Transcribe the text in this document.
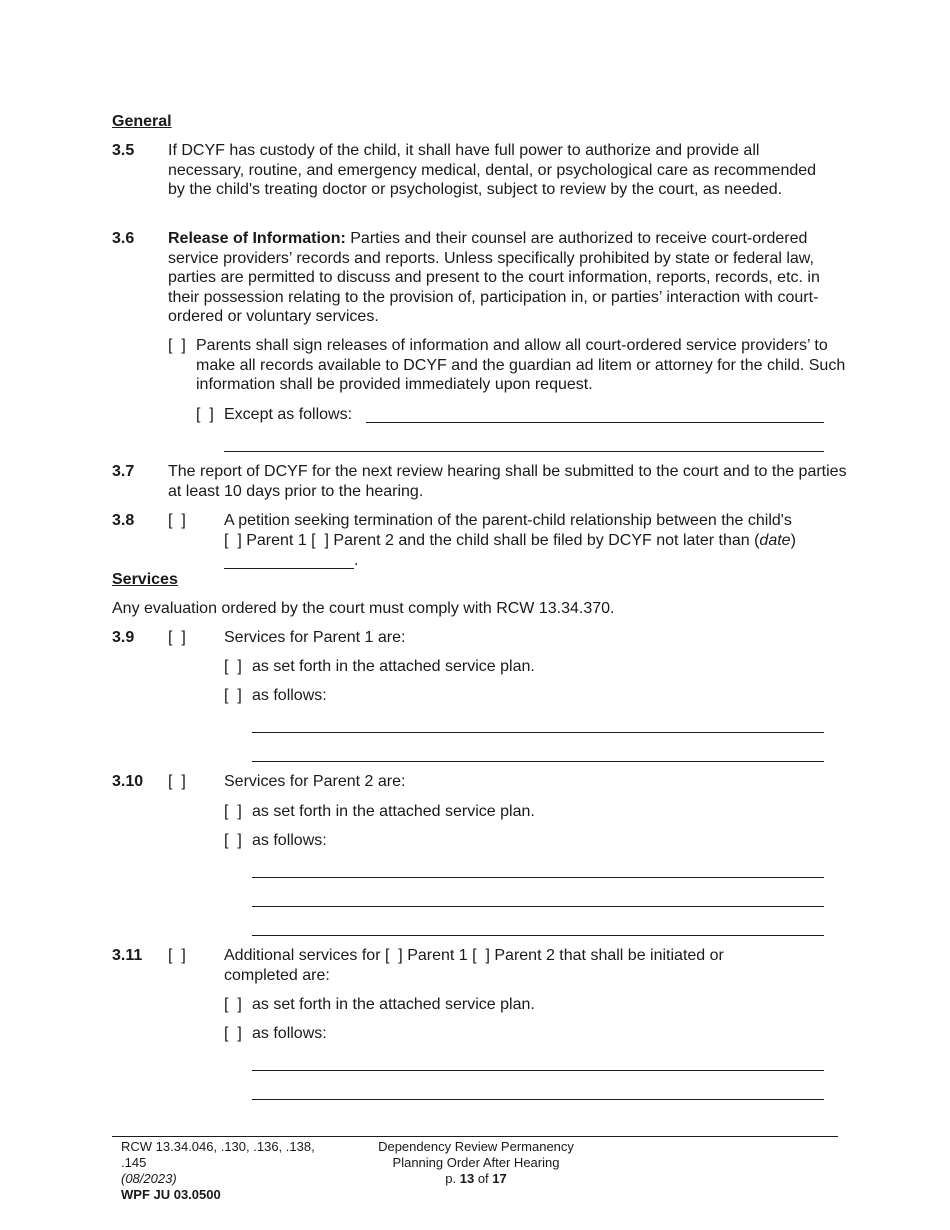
General
3.5 If DCYF has custody of the child, it shall have full power to authorize and provide all necessary, routine, and emergency medical, dental, or psychological care as recommended by the child's treating doctor or psychologist, subject to review by the court, as needed.
3.6 Release of Information: Parties and their counsel are authorized to receive court-ordered service providers’ records and reports. Unless specifically prohibited by state or federal law, parties are permitted to discuss and present to the court information, reports, records, etc. in their possession relating to the provision of, participation in, or parties’ interaction with court-ordered or voluntary services.
[  ] Parents shall sign releases of information and allow all court-ordered service providers’ to make all records available to DCYF and the guardian ad litem or attorney for the child. Such information shall be provided immediately upon request.
[  ] Except as follows:
3.7 The report of DCYF for the next review hearing shall be submitted to the court and to the parties at least 10 days prior to the hearing.
3.8 [  ] A petition seeking termination of the parent-child relationship between the child's
[  ] Parent 1 [  ] Parent 2 and the child shall be filed by DCYF not later than (date)
.
Services
Any evaluation ordered by the court must comply with RCW 13.34.370.
3.9 [  ] Services for Parent 1 are:
[  ] as set forth in the attached service plan.
[  ] as follows:
3.10 [  ] Services for Parent 2 are:
[  ] as set forth in the attached service plan.
[  ] as follows:
3.11 [  ] Additional services for [  ] Parent 1 [  ] Parent 2 that shall be initiated or
completed are:
[  ] as set forth in the attached service plan.
[  ] as follows:
RCW 13.34.046, .130, .136, .138,
.145
(08/2023)
WPF JU 03.0500
Dependency Review Permanency
Planning Order After Hearing
p. 13 of 17
